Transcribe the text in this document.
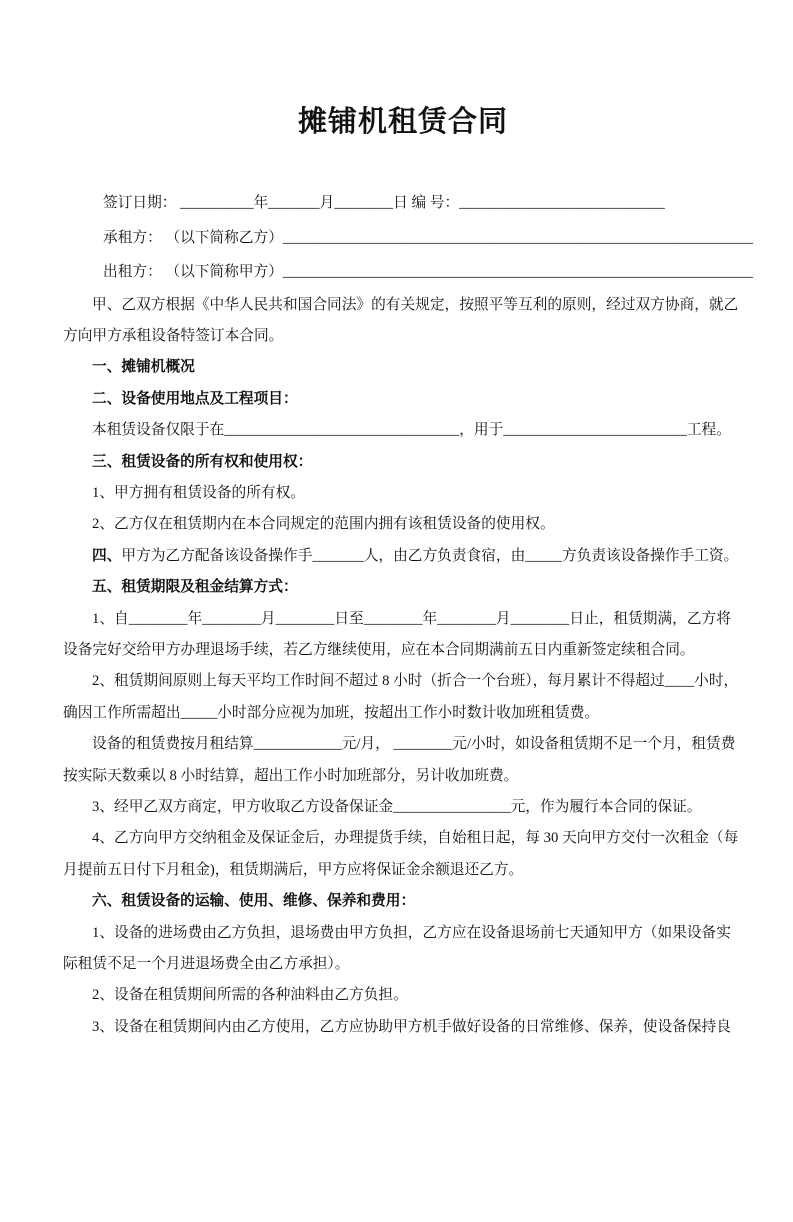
摊铺机租赁合同
签订日期： __________年_______月________日 编 号：____________________________
承租方： （以下简称乙方）________________________________________________________________
出租方： （以下简称甲方）________________________________________________________________
甲、乙双方根据《中华人民共和国合同法》的有关规定，按照平等互利的原则，经过双方协商，就乙
方向甲方承租设备特签订本合同。
一、摊铺机概况
二、设备使用地点及工程项目：
本租赁设备仅限于在________________________________，用于_________________________工程。
三、租赁设备的所有权和使用权：
1、甲方拥有租赁设备的所有权。
2、乙方仅在租赁期内在本合同规定的范围内拥有该租赁设备的使用权。
四、甲方为乙方配备该设备操作手_______人，由乙方负责食宿，由_____方负责该设备操作手工资。
五、租赁期限及租金结算方式：
1、自________年________月________日至________年________月________日止，租赁期满，乙方将
设备完好交给甲方办理退场手续，若乙方继续使用，应在本合同期满前五日内重新签定续租合同。
2、租赁期间原则上每天平均工作时间不超过 8 小时（折合一个台班），每月累计不得超过____小时，
确因工作所需超出_____小时部分应视为加班，按超出工作小时数计收加班租赁费。
设备的租赁费按月租结算____________元/月， ________元/小时，如设备租赁期不足一个月，租赁费
按实际天数乘以 8 小时结算，超出工作小时加班部分，另计收加班费。
3、经甲乙双方商定，甲方收取乙方设备保证金________________元，作为履行本合同的保证。
4、乙方向甲方交纳租金及保证金后，办理提货手续，自始租日起，每 30 天向甲方交付一次租金（每
月提前五日付下月租金)，租赁期满后，甲方应将保证金余额退还乙方。
六、租赁设备的运输、使用、维修、保养和费用：
1、设备的进场费由乙方负担，退场费由甲方负担，乙方应在设备退场前七天通知甲方（如果设备实
际租赁不足一个月进退场费全由乙方承担）。
2、设备在租赁期间所需的各种油料由乙方负担。
3、设备在租赁期间内由乙方使用，乙方应协助甲方机手做好设备的日常维修、保养，使设备保持良
